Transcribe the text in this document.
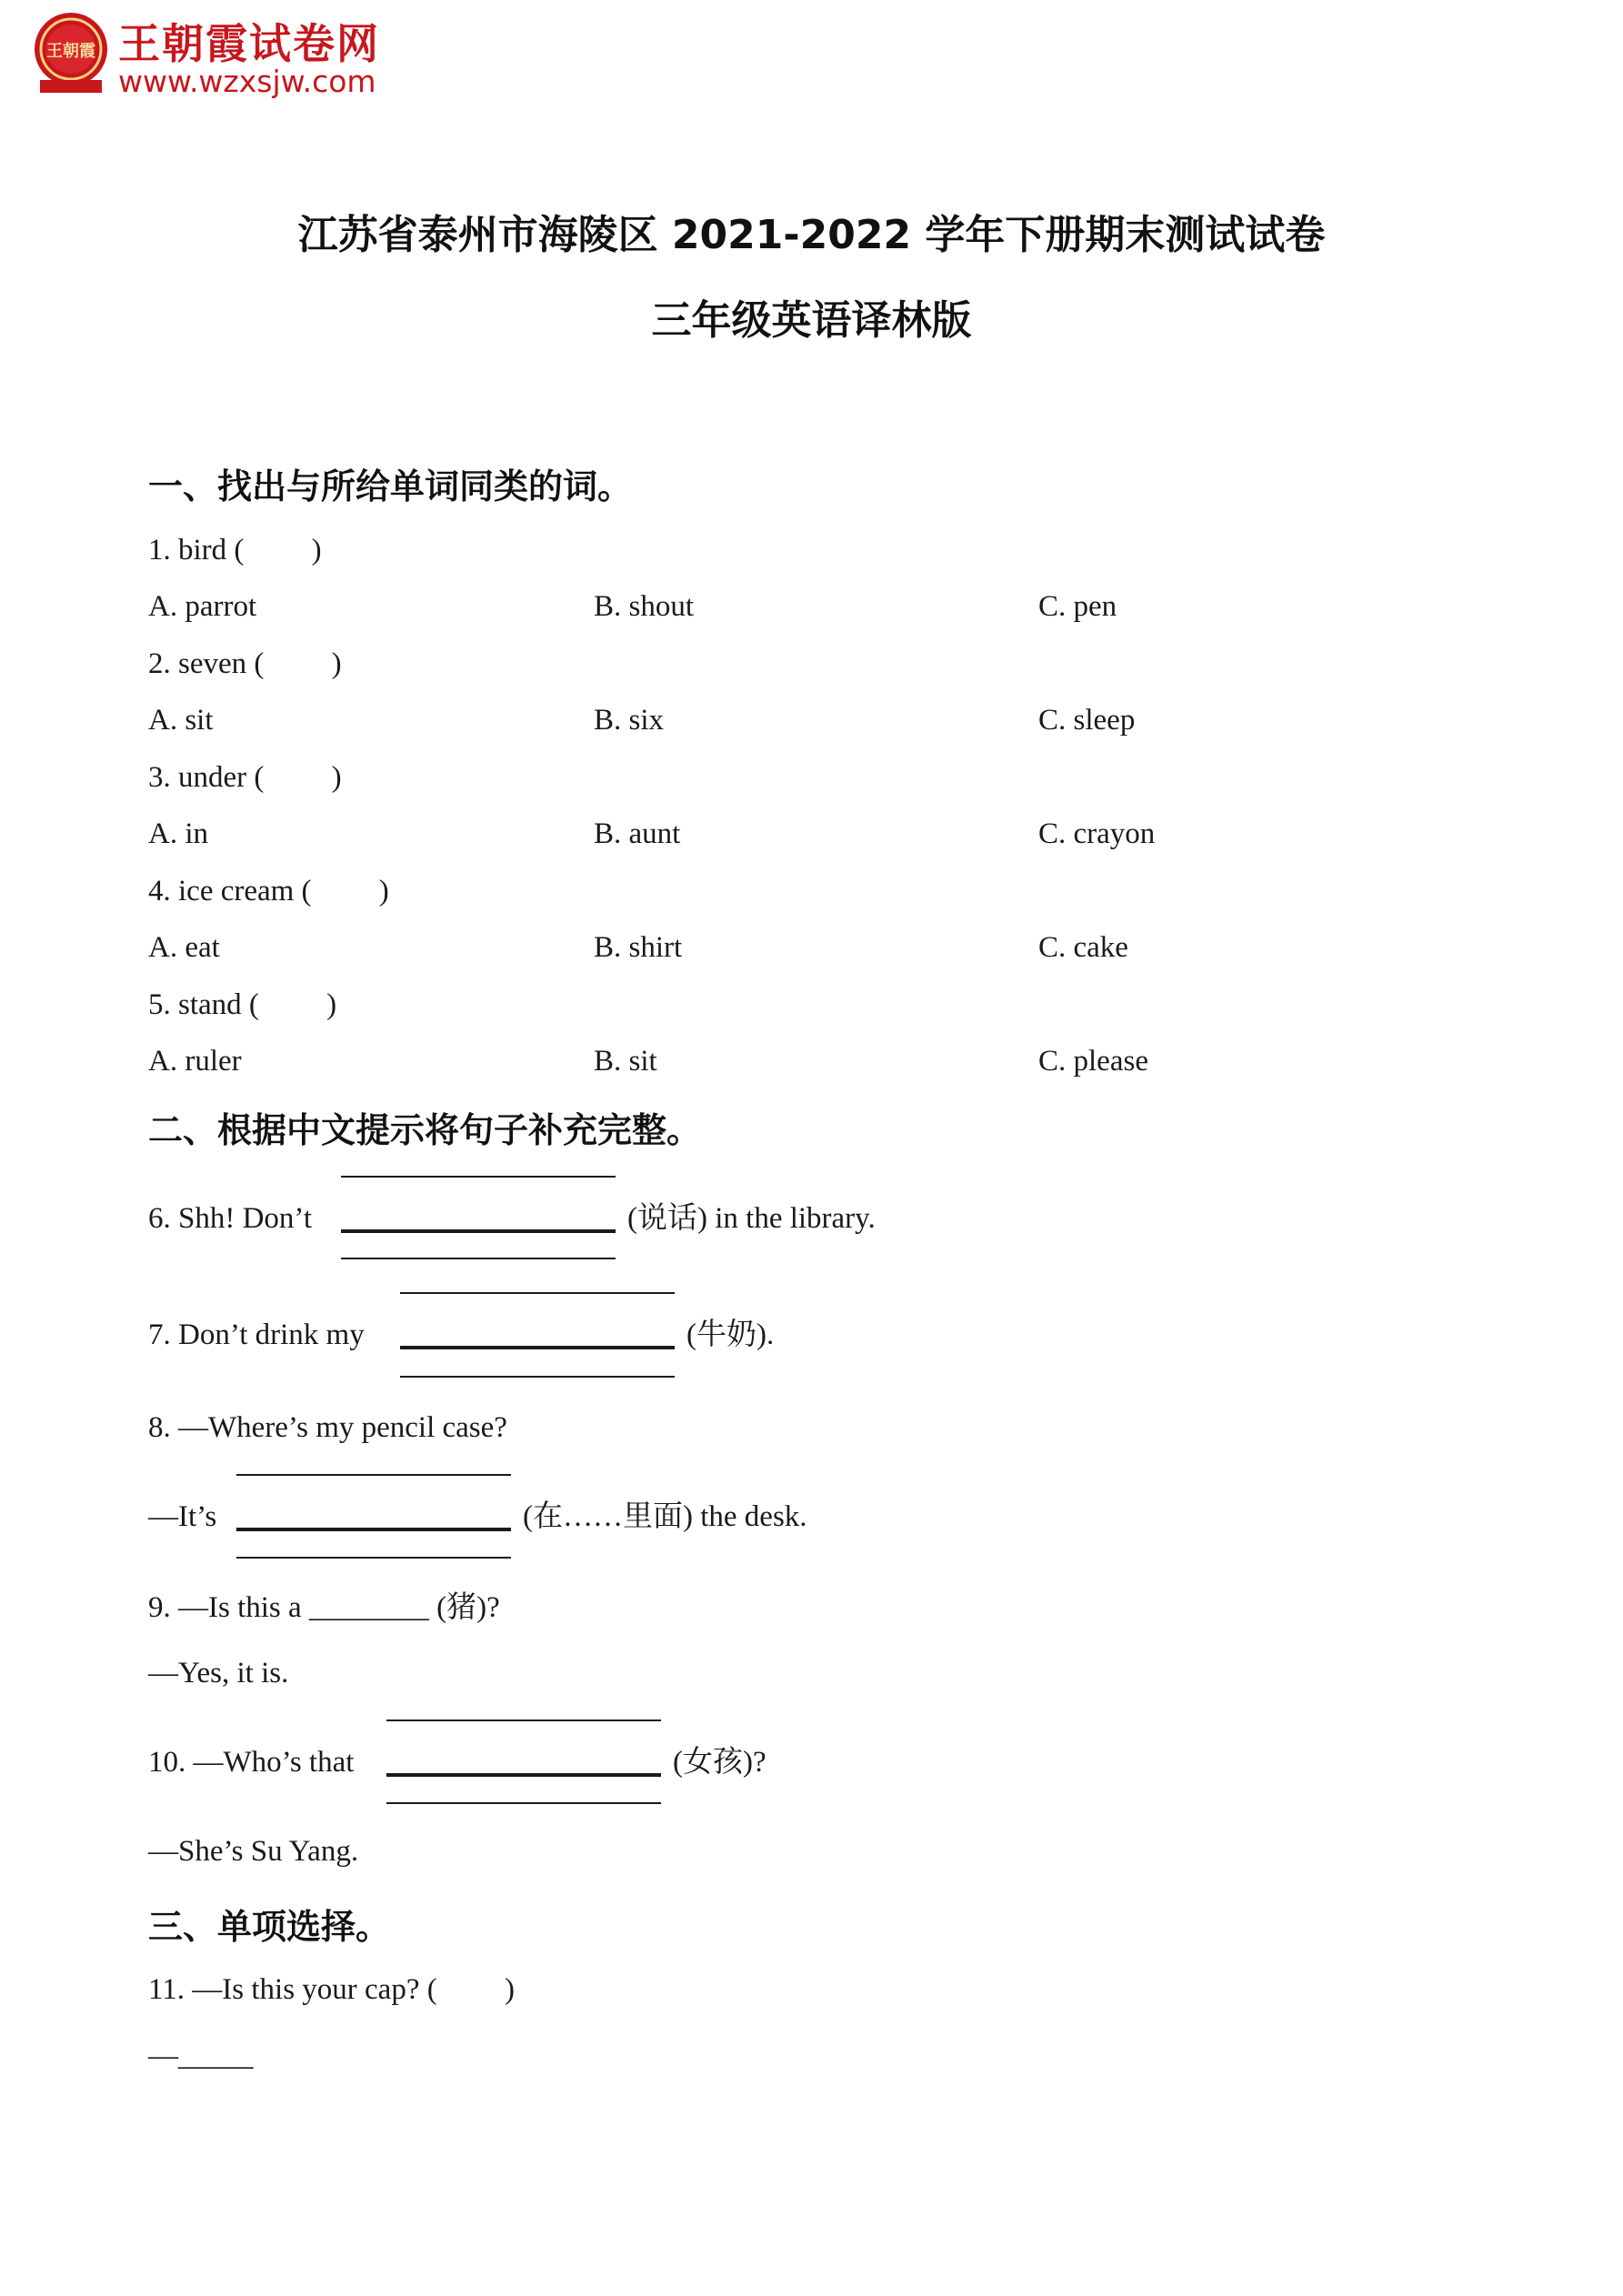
王朝霞 王朝霞试卷网
www.wzxsjw.com
江苏省泰州市海陵区 2021-2022 学年下册期末测试试卷
三年级英语译林版
一、找出与所给单词同类的词。
1. bird (　 　)
A. parrot	B. shout	C. pen
2. seven (　 　)
A. sit	B. six	C. sleep
3. under (　 　)
A. in	B. aunt	C. crayon
4. ice cream (　 　)
A. eat	B. shirt	C. cake
5. stand (　 　)
A. ruler	B. sit	C. please
二、根据中文提示将句子补充完整。
6. Shh! Don’t	(说话) in the library.
7. Don’t drink my	(牛奶).
8. —Where’s my pencil case?
—It’s	(在……里面) the desk.
9. —Is this a ________ (猪)?
—Yes, it is.
10. —Who’s that	(女孩)?
—She’s Su Yang.
三、单项选择。
11. —Is this your cap? (　 　)
—_____
